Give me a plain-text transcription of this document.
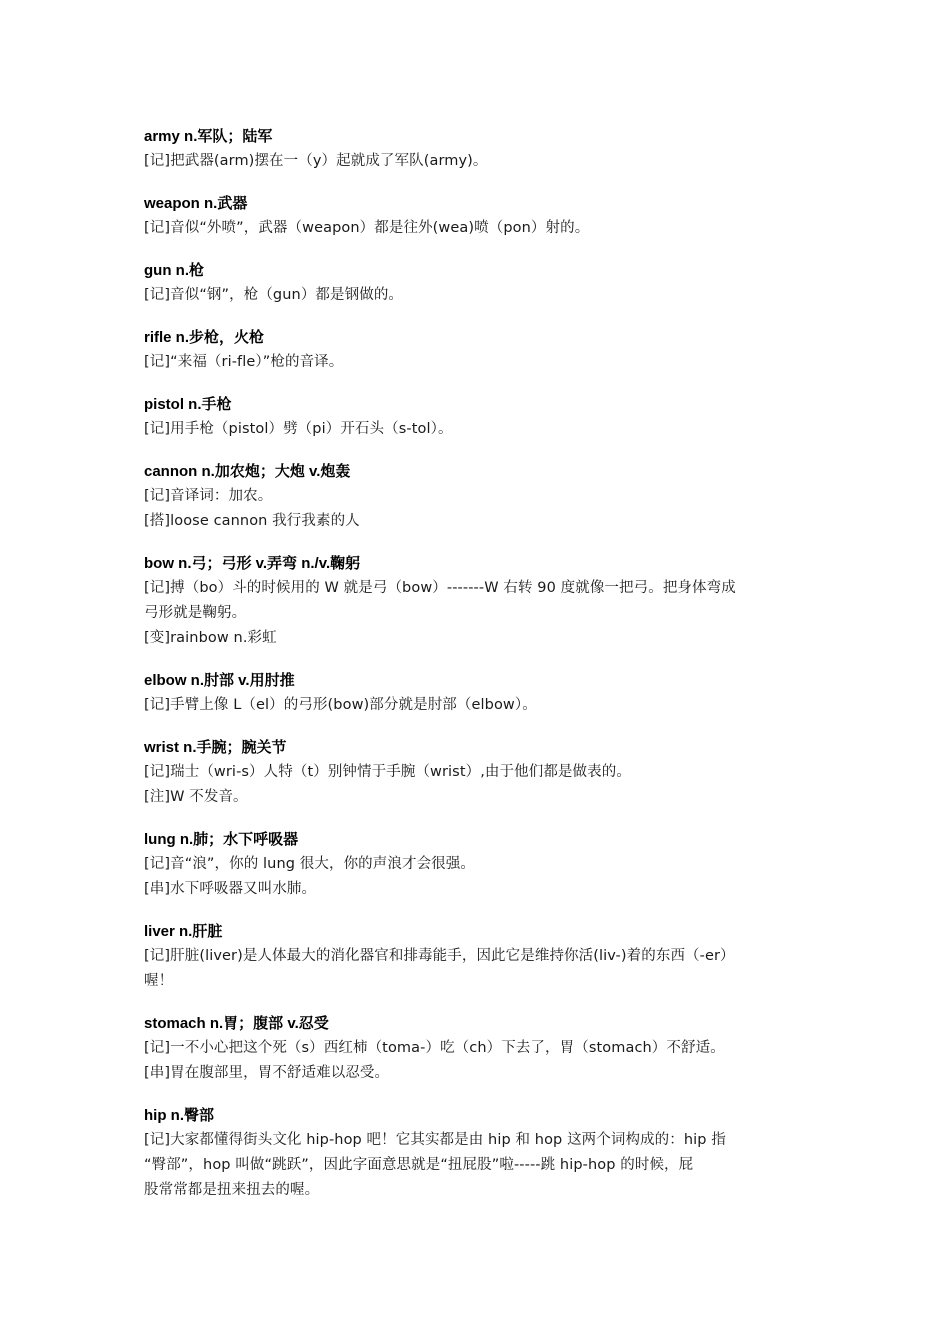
army n.军队；陆军
[记]把武器(arm)摆在一（y）起就成了军队(army)。
weapon n.武器
[记]音似“外喷”，武器（weapon）都是往外(wea)喷（pon）射的。
gun n.枪
[记]音似“钢”，枪（gun）都是钢做的。
rifle n.步枪，火枪
[记]“来福（ri-fle）”枪的音译。
pistol n.手枪
[记]用手枪（pistol）劈（pi）开石头（s-tol）。
cannon n.加农炮；大炮 v.炮轰
[记]音译词：加农。
[搭]loose cannon 我行我素的人
bow n.弓；弓形 v.弄弯 n./v.鞠躬
[记]搏（bo）斗的时候用的 W 就是弓（bow）-------W 右转 90 度就像一把弓。把身体弯成
弓形就是鞠躬。
[变]rainbow n.彩虹
elbow n.肘部 v.用肘推
[记]手臂上像 L（el）的弓形(bow)部分就是肘部（elbow）。
wrist n.手腕；腕关节
[记]瑞士（wri-s）人特（t）别钟情于手腕（wrist）,由于他们都是做表的。
[注]W 不发音。
lung n.肺；水下呼吸器
[记]音“浪”，你的 lung 很大，你的声浪才会很强。
[串]水下呼吸器又叫水肺。
liver n.肝脏
[记]肝脏(liver)是人体最大的消化器官和排毒能手，因此它是维持你活(liv-)着的东西（-er）
喔！
stomach n.胃；腹部 v.忍受
[记]一不小心把这个死（s）西红柿（toma-）吃（ch）下去了，胃（stomach）不舒适。
[串]胃在腹部里，胃不舒适难以忍受。
hip n.臀部
[记]大家都懂得街头文化 hip-hop 吧！它其实都是由 hip 和 hop 这两个词构成的：hip 指
“臀部”，hop 叫做“跳跃”，因此字面意思就是“扭屁股”啦-----跳 hip-hop 的时候，屁
股常常都是扭来扭去的喔。
